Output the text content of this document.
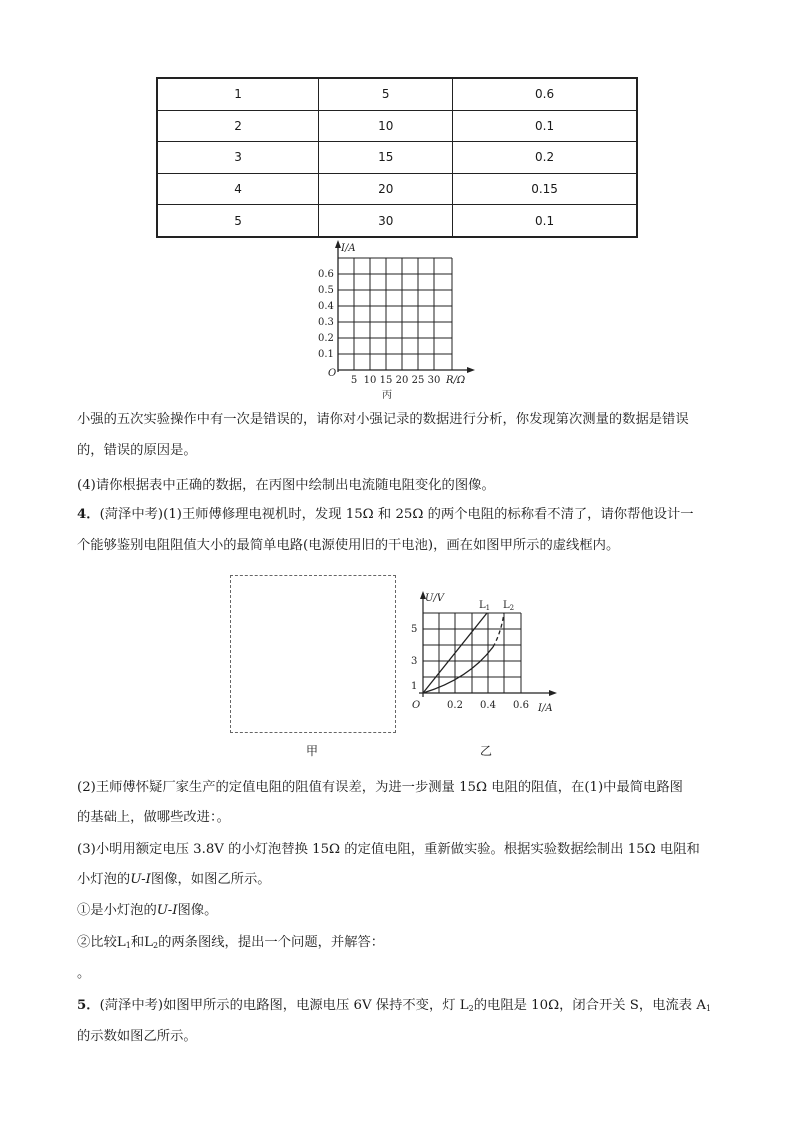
1	5	0.6
2	10	0.1
3	15	0.2
4	20	0.15
5	30	0.1
I/A
O
0.6
0.5
0.4
0.3
0.2
0.1
5 10 15 20 25 30 R/Ω
丙

小强的五次实验操作中有一次是错误的，请你对小强记录的数据进行分析，你发现第次测量的数据是错误

的，错误的原因是。

(4)请你根据表中正确的数据，在丙图中绘制出电流随电阻变化的图像。

4．(菏泽中考)(1)王师傅修理电视机时，发现 15Ω 和 25Ω 的两个电阻的标称看不清了，请你帮他设计一

个能够鉴别电阻阻值大小的最简单电路(电源使用旧的干电池)，画在如图甲所示的虚线框内。

U/V
$L_1$ $L_2$
5
3
1
O	0.2 0.4 0.6 I/A
甲	乙

(2)王师傅怀疑厂家生产的定值电阻的阻值有误差，为进一步测量 15Ω 电阻的阻值，在(1)中最简电路图

的基础上，做哪些改进：。

(3)小明用额定电压 3.8V 的小灯泡替换 15Ω 的定值电阻，重新做实验。根据实验数据绘制出 15Ω 电阻和

小灯泡的U-I图像，如图乙所示。

①是小灯泡的U-I图像。

②比较L1和L2的两条图线，提出一个问题，并解答：

。

5．(菏泽中考)如图甲所示的电路图，电源电压 6V 保持不变，灯 L2的电阻是 10Ω，闭合开关 S，电流表 A1

的示数如图乙所示。
